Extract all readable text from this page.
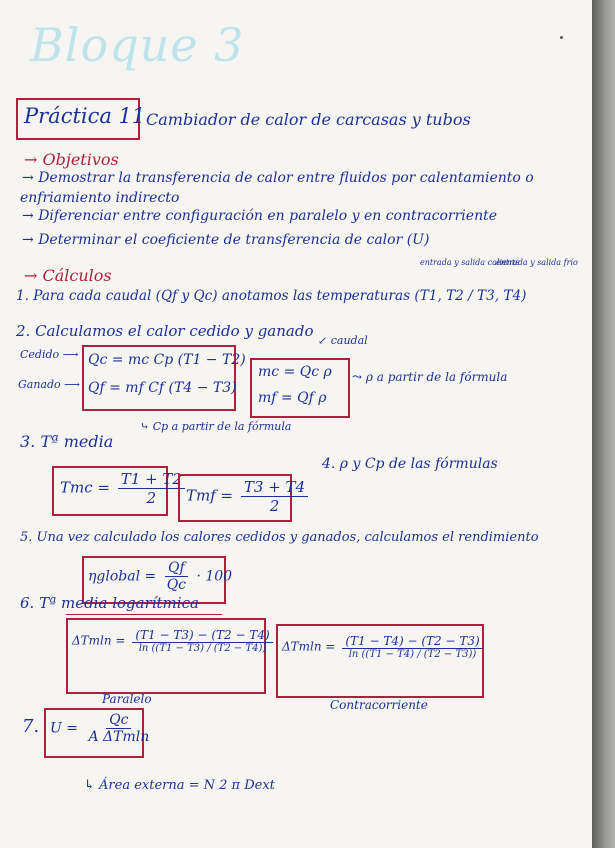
Bloque 3
Práctica 11 Cambiador de calor de carcasas y tubos
→ Objetivos
→ Demostrar la transferencia de calor entre fluidos por calentamiento o
enfriamiento indirecto
→ Diferenciar entre configuración en paralelo y en contracorriente
→ Determinar el coeficiente de transferencia de calor (U)
→ Cálculos
entrada y salida caliente
entrada y salida frío
1. Para cada caudal (Qf y Qc) anotamos las temperaturas (T1, T2 / T3, T4)
2. Calculamos el calor cedido y ganado
↙ caudal
Cedido ⟶
Ganado ⟶
Qc = mc Cp (T1 − T2)
Qf = mf Cf (T4 − T3)
mc = Qc ρ
mf = Qf ρ
⤳ ρ a partir de la fórmula
⤷ Cp a partir de la fórmula
3. Tª media
4. ρ y Cp de las fórmulas
Tmc = $\frac{T1 + T2}{2}$ Tmf = $\frac{T3 + T4}{2}$
5. Una vez calculado los calores cedidos y ganados, calculamos el rendimiento
ηglobal = $\frac{Qf}{Qc} \cdot 100$
6. Tª media logarítmica
$\Delta Tmln = \frac{(T1 - T3) - (T2 - T4)}{\ln ((T1 - T3) / (T2 - T4))}$
Paralelo
$\Delta Tmln = \frac{(T1 - T4) - (T2 - T3)}{\ln ((T1 - T4) / (T2 - T3))}$
Contracorriente
7. $U = \frac{Qc}{\text{A ΔTmln}}$
↳ Área externa = N 2 π Dext
